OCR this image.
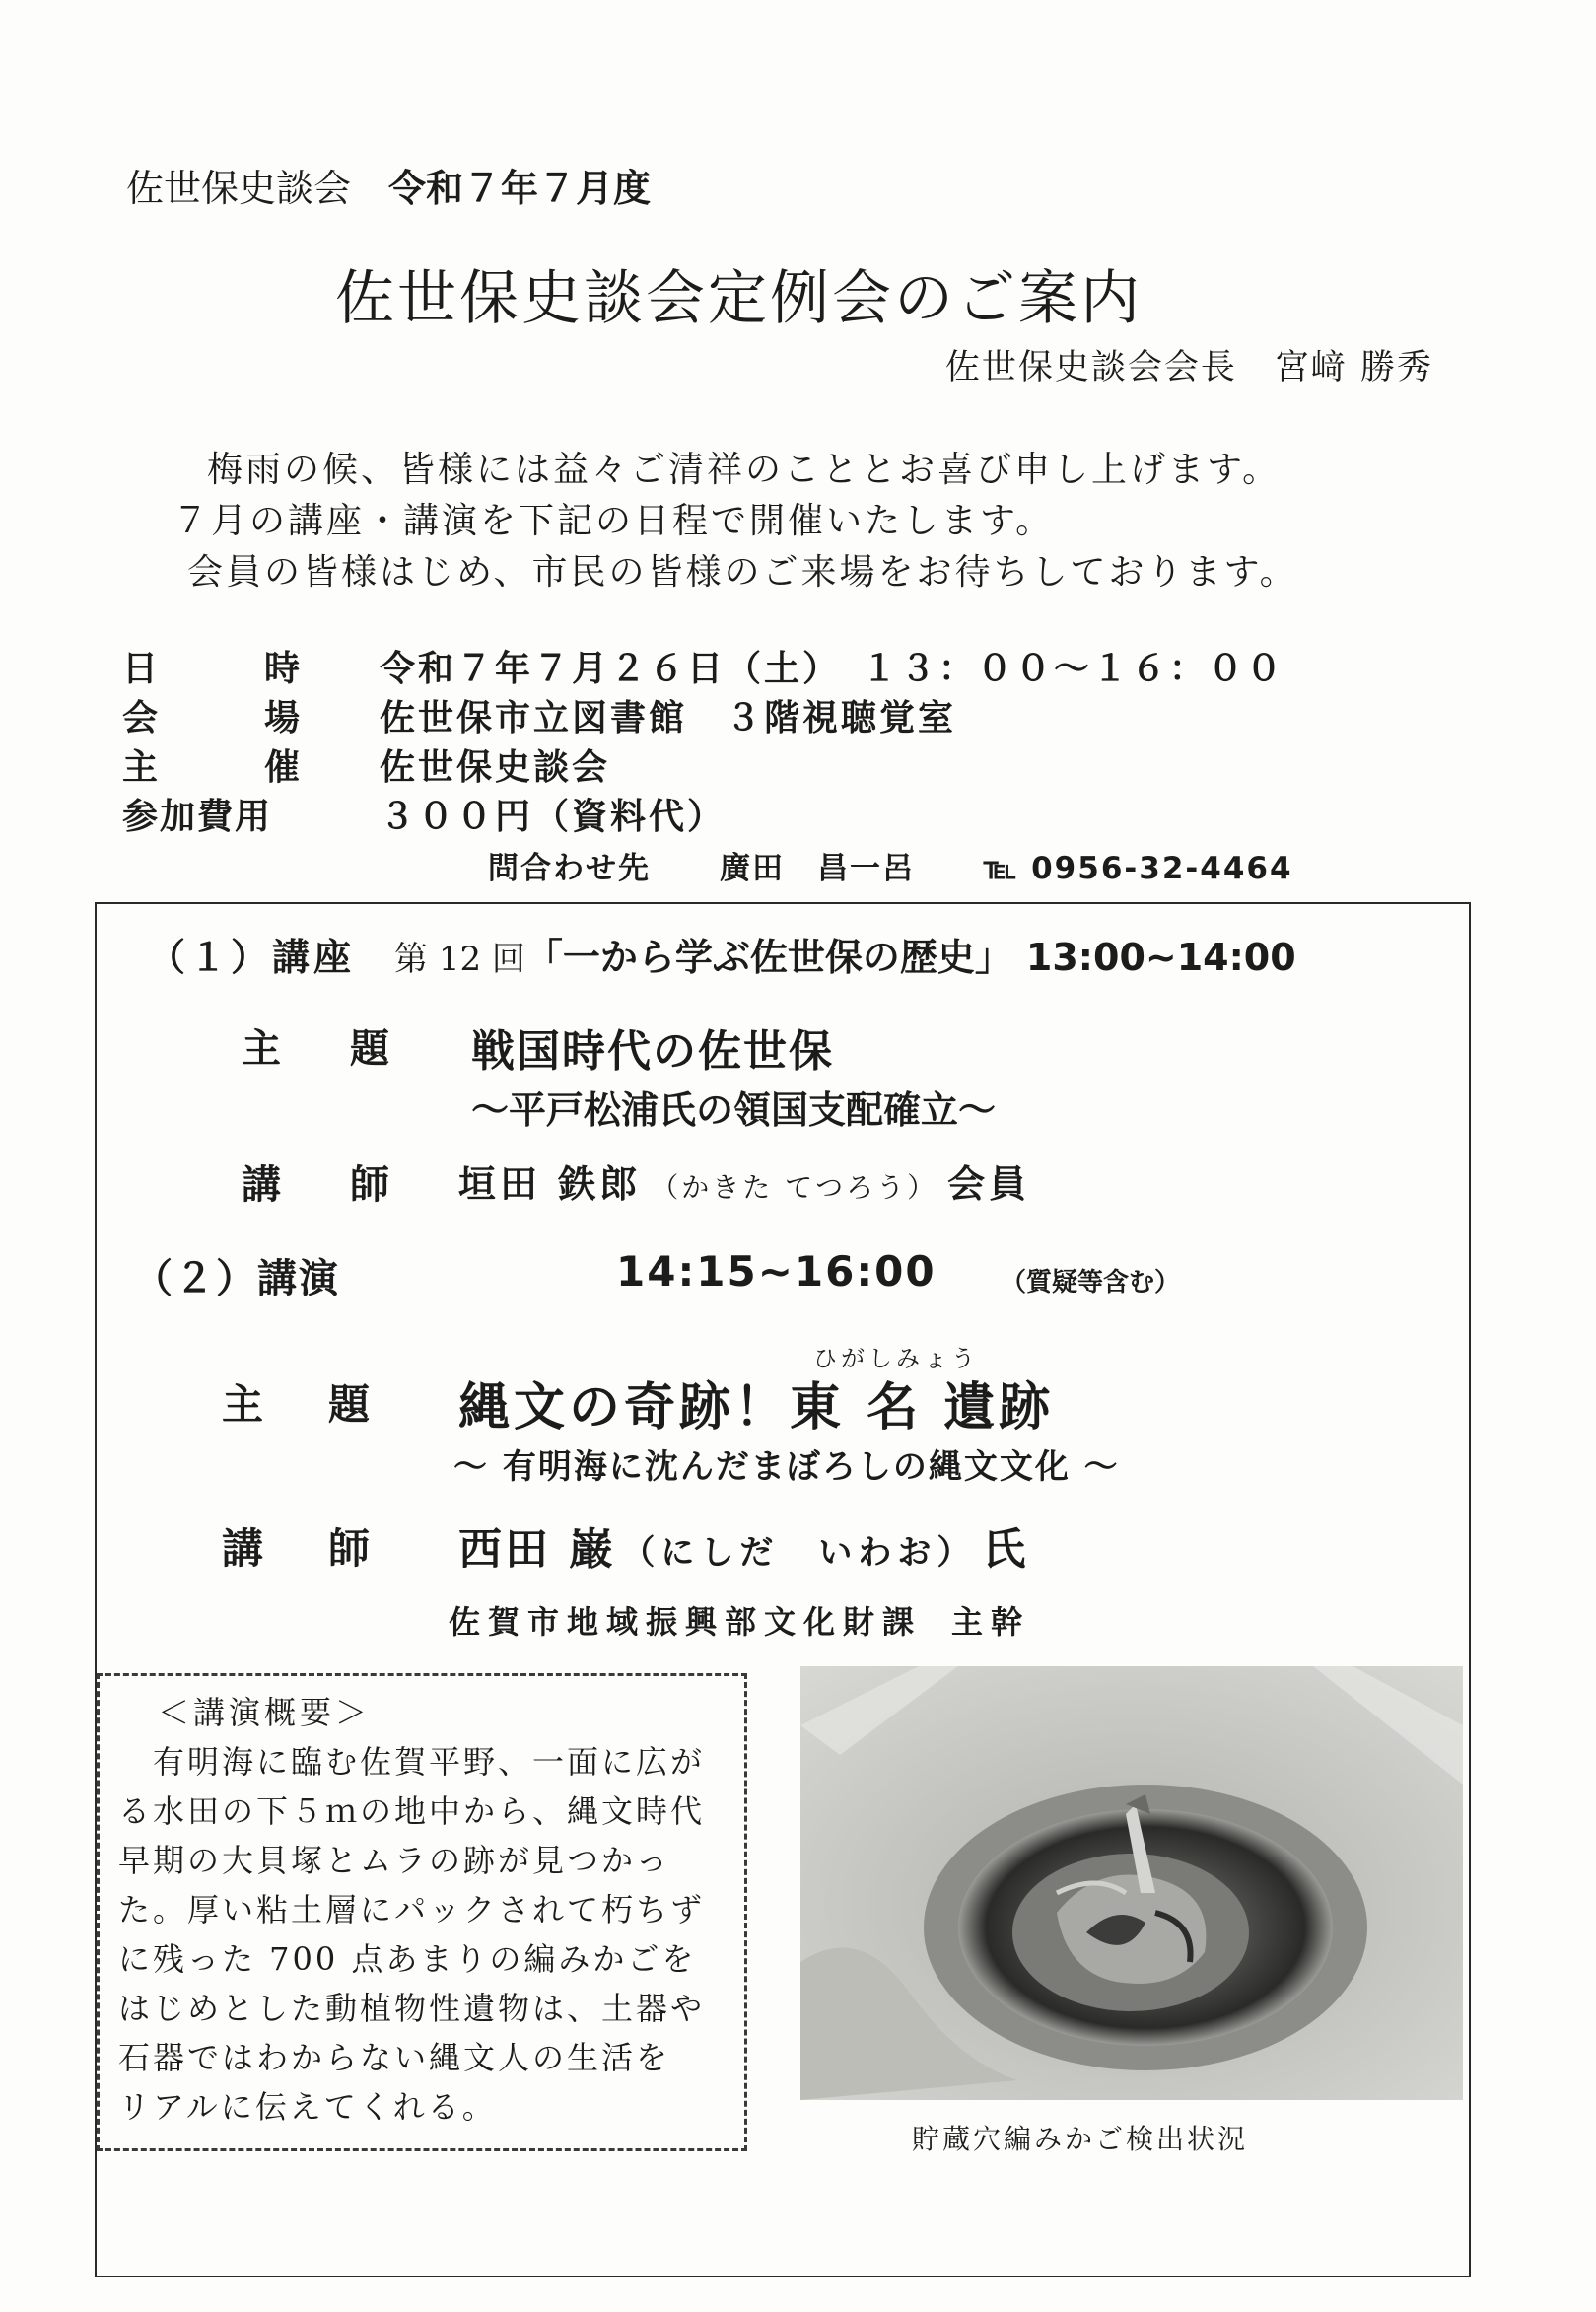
佐世保史談会 令和７年７月度
佐世保史談会定例会のご案内
佐世保史談会会長 宮﨑 勝秀
梅雨の候、皆様には益々ご清祥のこととお喜び申し上げます。
７月の講座・講演を下記の日程で開催いたします。
会員の皆様はじめ、市民の皆様のご来場をお待ちしております。
日	時 令和７年７月２６日（土）　１３：００〜１６：００
会	場 佐世保市立図書館　３階視聴覚室
主	催 佐世保史談会
参加費用	３００円（資料代）
問合わせ先 廣田　昌一呂 ℡ 0956-32-4464
（１）講座 第 12 回「一から学ぶ佐世保の歴史」 13:00~14:00
主 題 戦国時代の佐世保
〜平戸松浦氏の領国支配確立〜
講 師 垣田 鉄郎 （かきた てつろう） 会員
（２）講演	14:15~16:00	（質疑等含む）
ひがしみょう
主 題 縄文の奇跡！東 名 遺跡
〜 有明海に沈んだまぼろしの縄文文化 〜
講 師 西田 巌 （にしだ　いわお） 氏
佐賀市地域振興部文化財課 主幹
＜講演概要＞
　有明海に臨む佐賀平野、一面に広が
る水田の下５ｍの地中から、縄文時代
早期の大貝塚とムラの跡が見つかっ
た。厚い粘土層にパックされて朽ちず
に残った 700 点あまりの編みかごを
はじめとした動植物性遺物は、土器や
石器ではわからない縄文人の生活を
リアルに伝えてくれる。
貯蔵穴編みかご検出状況
